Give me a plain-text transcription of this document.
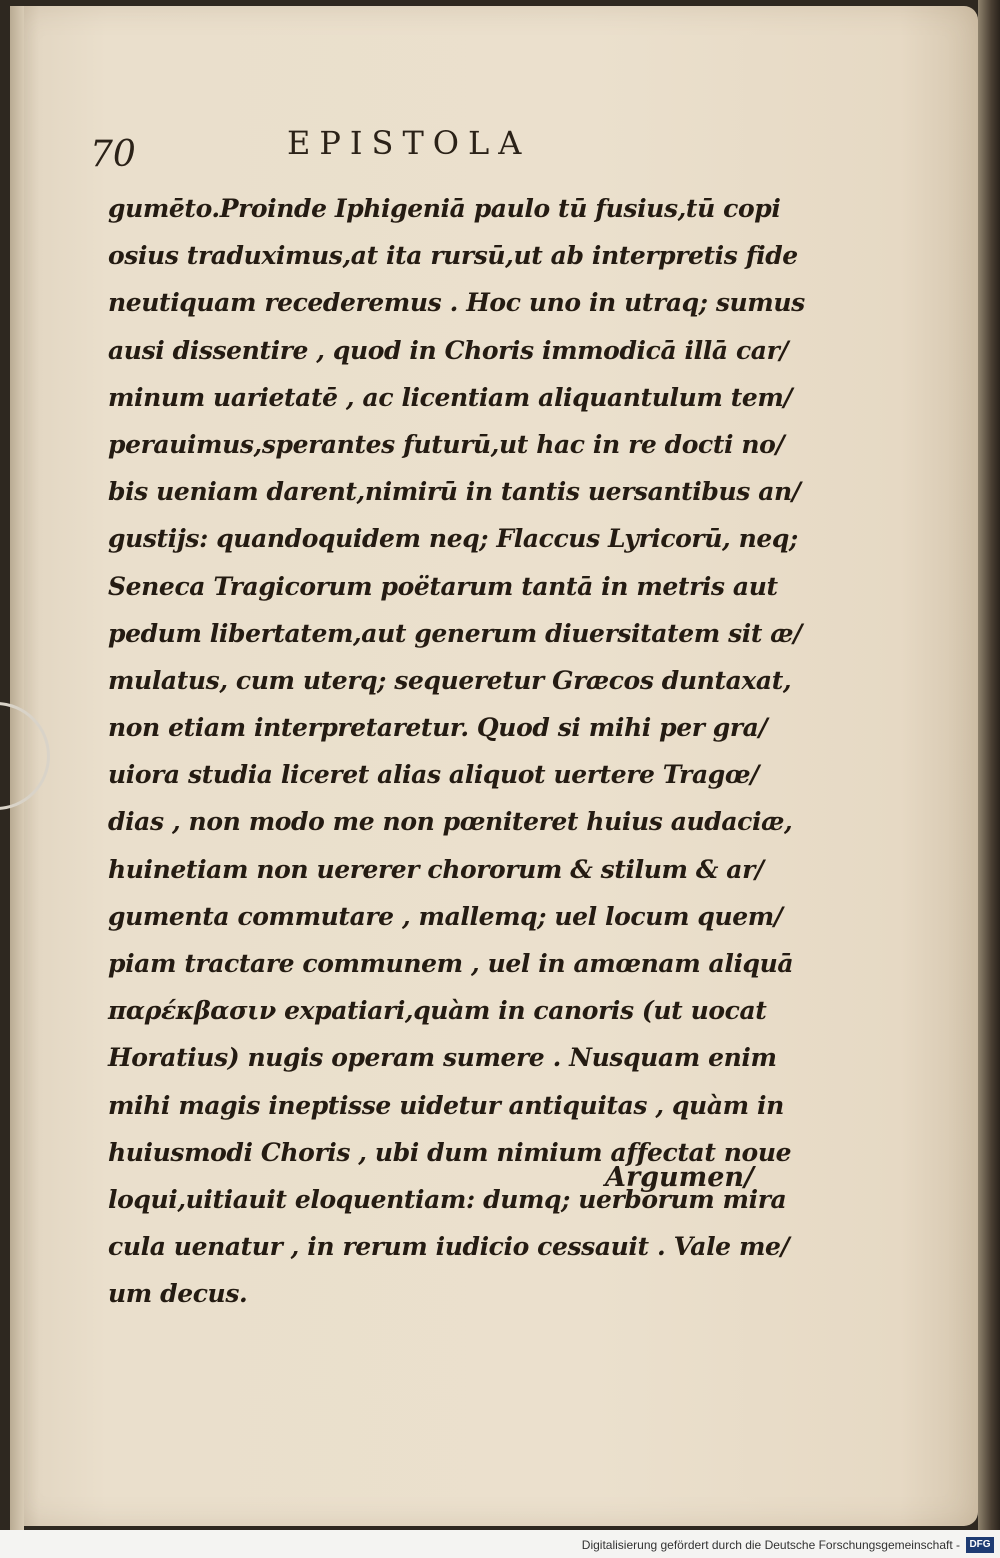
70	EPISTOLA
gumēto.Proinde Iphigeniā paulo tū fusius,tū copi
osius traduximus,at ita rursū,ut ab interpretis fide
neutiquam recederemus . Hoc uno in utraq; sumus
ausi dissentire , quod in Choris immodicā illā car/
minum uarietatē , ac licentiam aliquantulum tem/
perauimus,sperantes futurū,ut hac in re docti no/
bis ueniam darent,nimirū in tantis uersantibus an/
gustijs: quandoquidem neq; Flaccus Lyricorū, neq;
Seneca Tragicorum poëtarum tantā in metris aut
pedum libertatem,aut generum diuersitatem sit æ/
mulatus, cum uterq; sequeretur Græcos duntaxat,
non etiam interpretaretur. Quod si mihi per gra/
uiora studia liceret alias aliquot uertere Tragœ/
dias , non modo me non pœniteret huius audaciæ,
huinetiam non uererer chororum & stilum & ar/
gumenta commutare , mallemq; uel locum quem/
piam tractare communem , uel in amœnam aliquā
παρέκβασιν expatiari,quàm in canoris (ut uocat
Horatius) nugis operam sumere . Nusquam enim
mihi magis ineptisse uidetur antiquitas , quàm in
huiusmodi Choris , ubi dum nimium affectat noue
loqui,uitiauit eloquentiam: dumq; uerborum mira
cula uenatur , in rerum iudicio cessauit . Vale me/
um decus.
Argumen/
Digitalisierung gefördert durch die Deutsche Forschungsgemeinschaft - DFG
